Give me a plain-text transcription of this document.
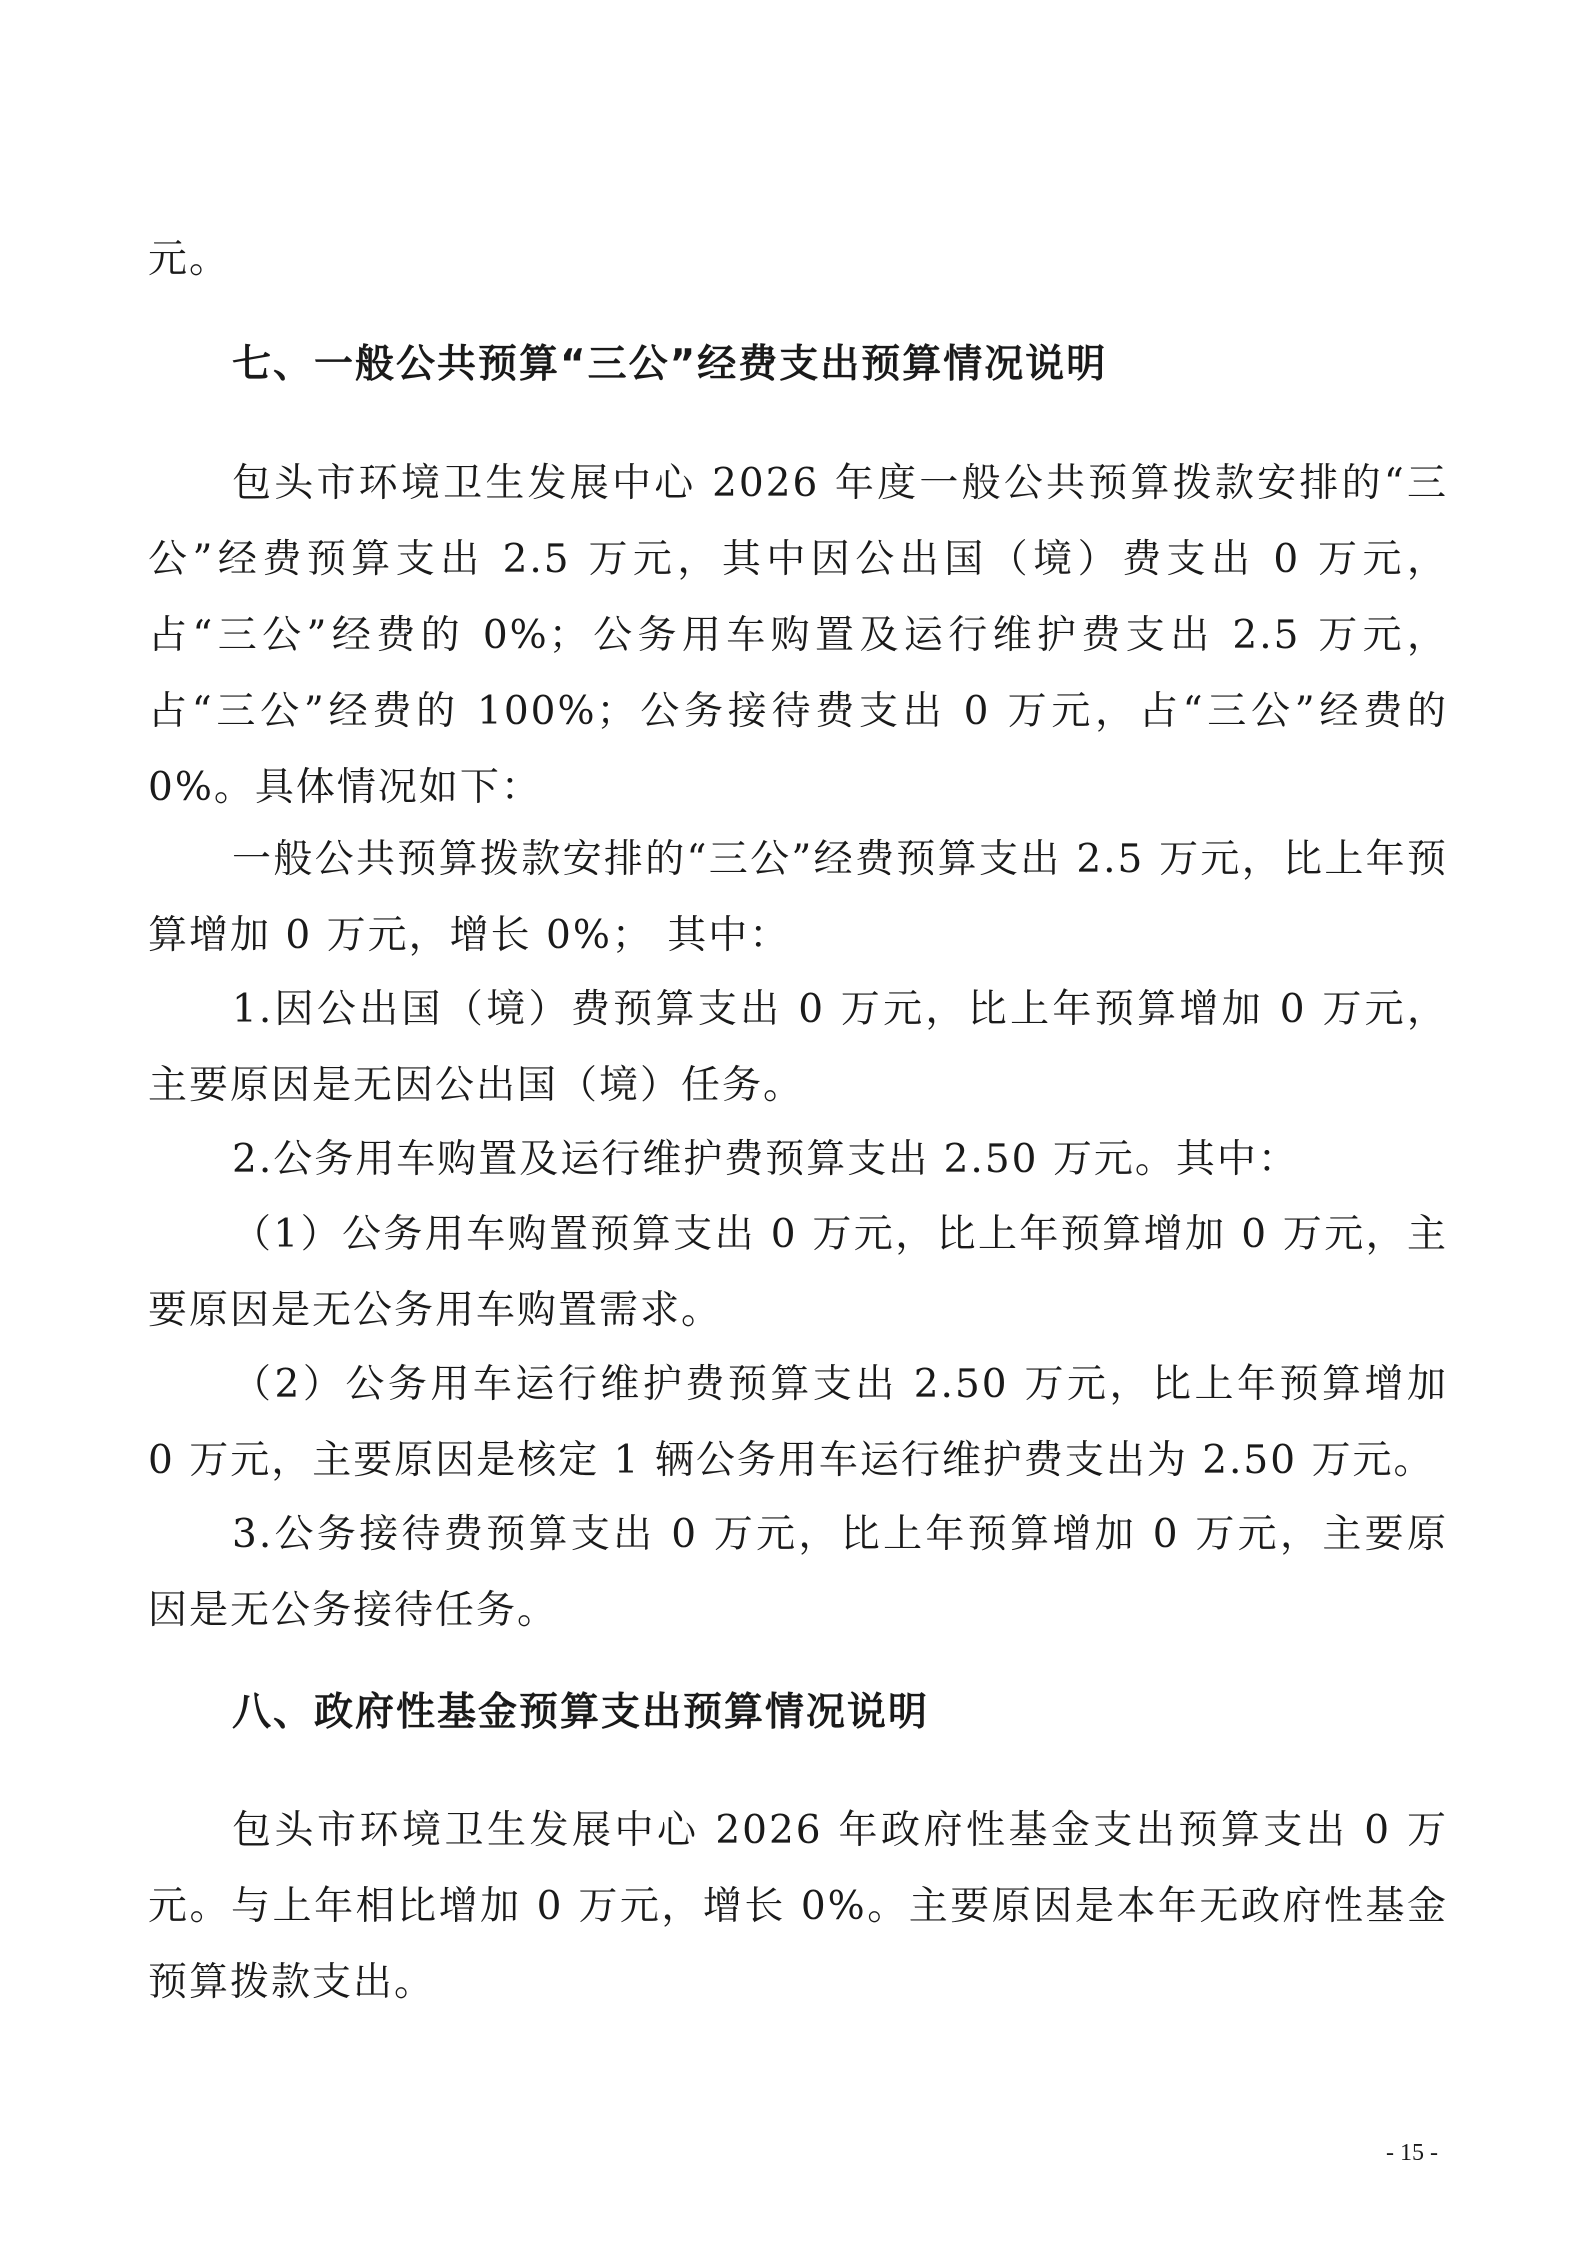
元。

七、一般公共预算“三公”经费支出预算情况说明

包头市环境卫生发展中心 2026 年度一般公共预算拨款安排的“三公”经费预算支出 2.5 万元，其中因公出国（境）费支出 0 万元，占“三公”经费的 0%；公务用车购置及运行维护费支出 2.5 万元，占“三公”经费的 100%；公务接待费支出 0 万元，占“三公”经费的 0%。具体情况如下：

一般公共预算拨款安排的“三公”经费预算支出 2.5 万元，比上年预算增加 0 万元，增长 0%； 其中：

1.因公出国（境）费预算支出 0 万元，比上年预算增加 0 万元，主要原因是无因公出国（境）任务。

2.公务用车购置及运行维护费预算支出 2.50 万元。其中：

（1）公务用车购置预算支出 0 万元，比上年预算增加 0 万元，主要原因是无公务用车购置需求。

（2）公务用车运行维护费预算支出 2.50 万元，比上年预算增加 0 万元，主要原因是核定 1 辆公务用车运行维护费支出为 2.50 万元。

3.公务接待费预算支出 0 万元，比上年预算增加 0 万元，主要原因是无公务接待任务。

八、政府性基金预算支出预算情况说明

包头市环境卫生发展中心 2026 年政府性基金支出预算支出 0 万元。与上年相比增加 0 万元，增长 0%。主要原因是本年无政府性基金预算拨款支出。

- 15 -
